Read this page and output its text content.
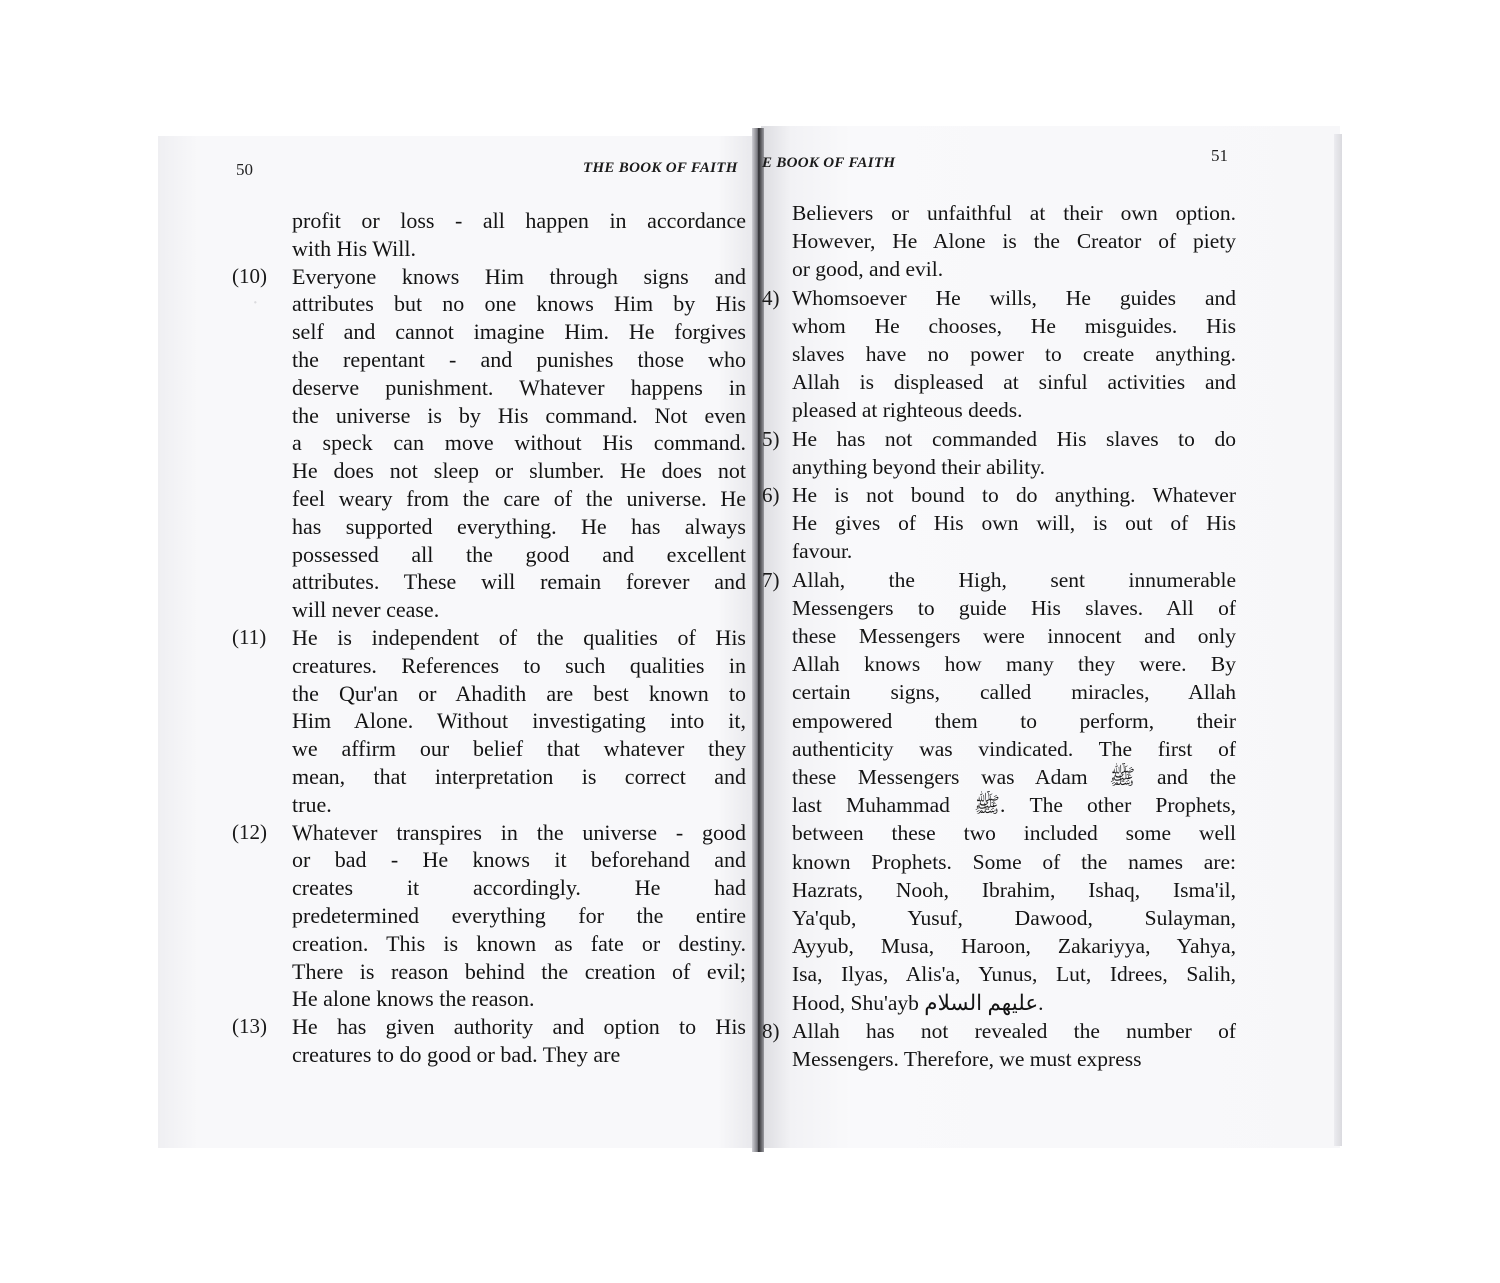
·
50	THE BOOK OF FAITH E BOOK OF FAITH	51
profit or loss - all happen in accordance
with His Will.
(10) Everyone knows Him through signs and
attributes but no one knows Him by His
self and cannot imagine Him. He forgives
the repentant - and punishes those who
deserve punishment. Whatever happens in
the universe is by His command. Not even
a speck can move without His command.
He does not sleep or slumber. He does not
feel weary from the care of the universe. He
has supported everything. He has always
possessed all the good and excellent
attributes. These will remain forever and
will never cease.
(11) He is independent of the qualities of His
creatures. References to such qualities in
the Qur'an or Ahadith are best known to
Him Alone. Without investigating into it,
we affirm our belief that whatever they
mean, that interpretation is correct and
true.
(12) Whatever transpires in the universe - good
or bad - He knows it beforehand and
creates it accordingly. He had
predetermined everything for the entire
creation. This is known as fate or destiny.
There is reason behind the creation of evil;
He alone knows the reason.
(13) He has given authority and option to His
creatures to do good or bad. They are
Believers or unfaithful at their own option.
However, He Alone is the Creator of piety
or good, and evil.
4) Whomsoever He wills, He guides and
whom He chooses, He misguides. His
slaves have no power to create anything.
Allah is displeased at sinful activities and
pleased at righteous deeds.
5) He has not commanded His slaves to do
anything beyond their ability.
6) He is not bound to do anything. Whatever
He gives of His own will, is out of His
favour.
7) Allah, the High, sent innumerable
Messengers to guide His slaves. All of
these Messengers were innocent and only
Allah knows how many they were. By
certain signs, called miracles, Allah
empowered them to perform, their
authenticity was vindicated. The first of
these Messengers was Adam ﷺ and the
last Muhammad ﷺ. The other Prophets,
between these two included some well
known Prophets. Some of the names are:
Hazrats, Nooh, Ibrahim, Ishaq, Isma'il,
Ya'qub, Yusuf, Dawood, Sulayman,
Ayyub, Musa, Haroon, Zakariyya, Yahya,
Isa, Ilyas, Alis'a, Yunus, Lut, Idrees, Salih,
Hood, Shu'ayb عليهم السلام.
8) Allah has not revealed the number of
Messengers. Therefore, we must express
